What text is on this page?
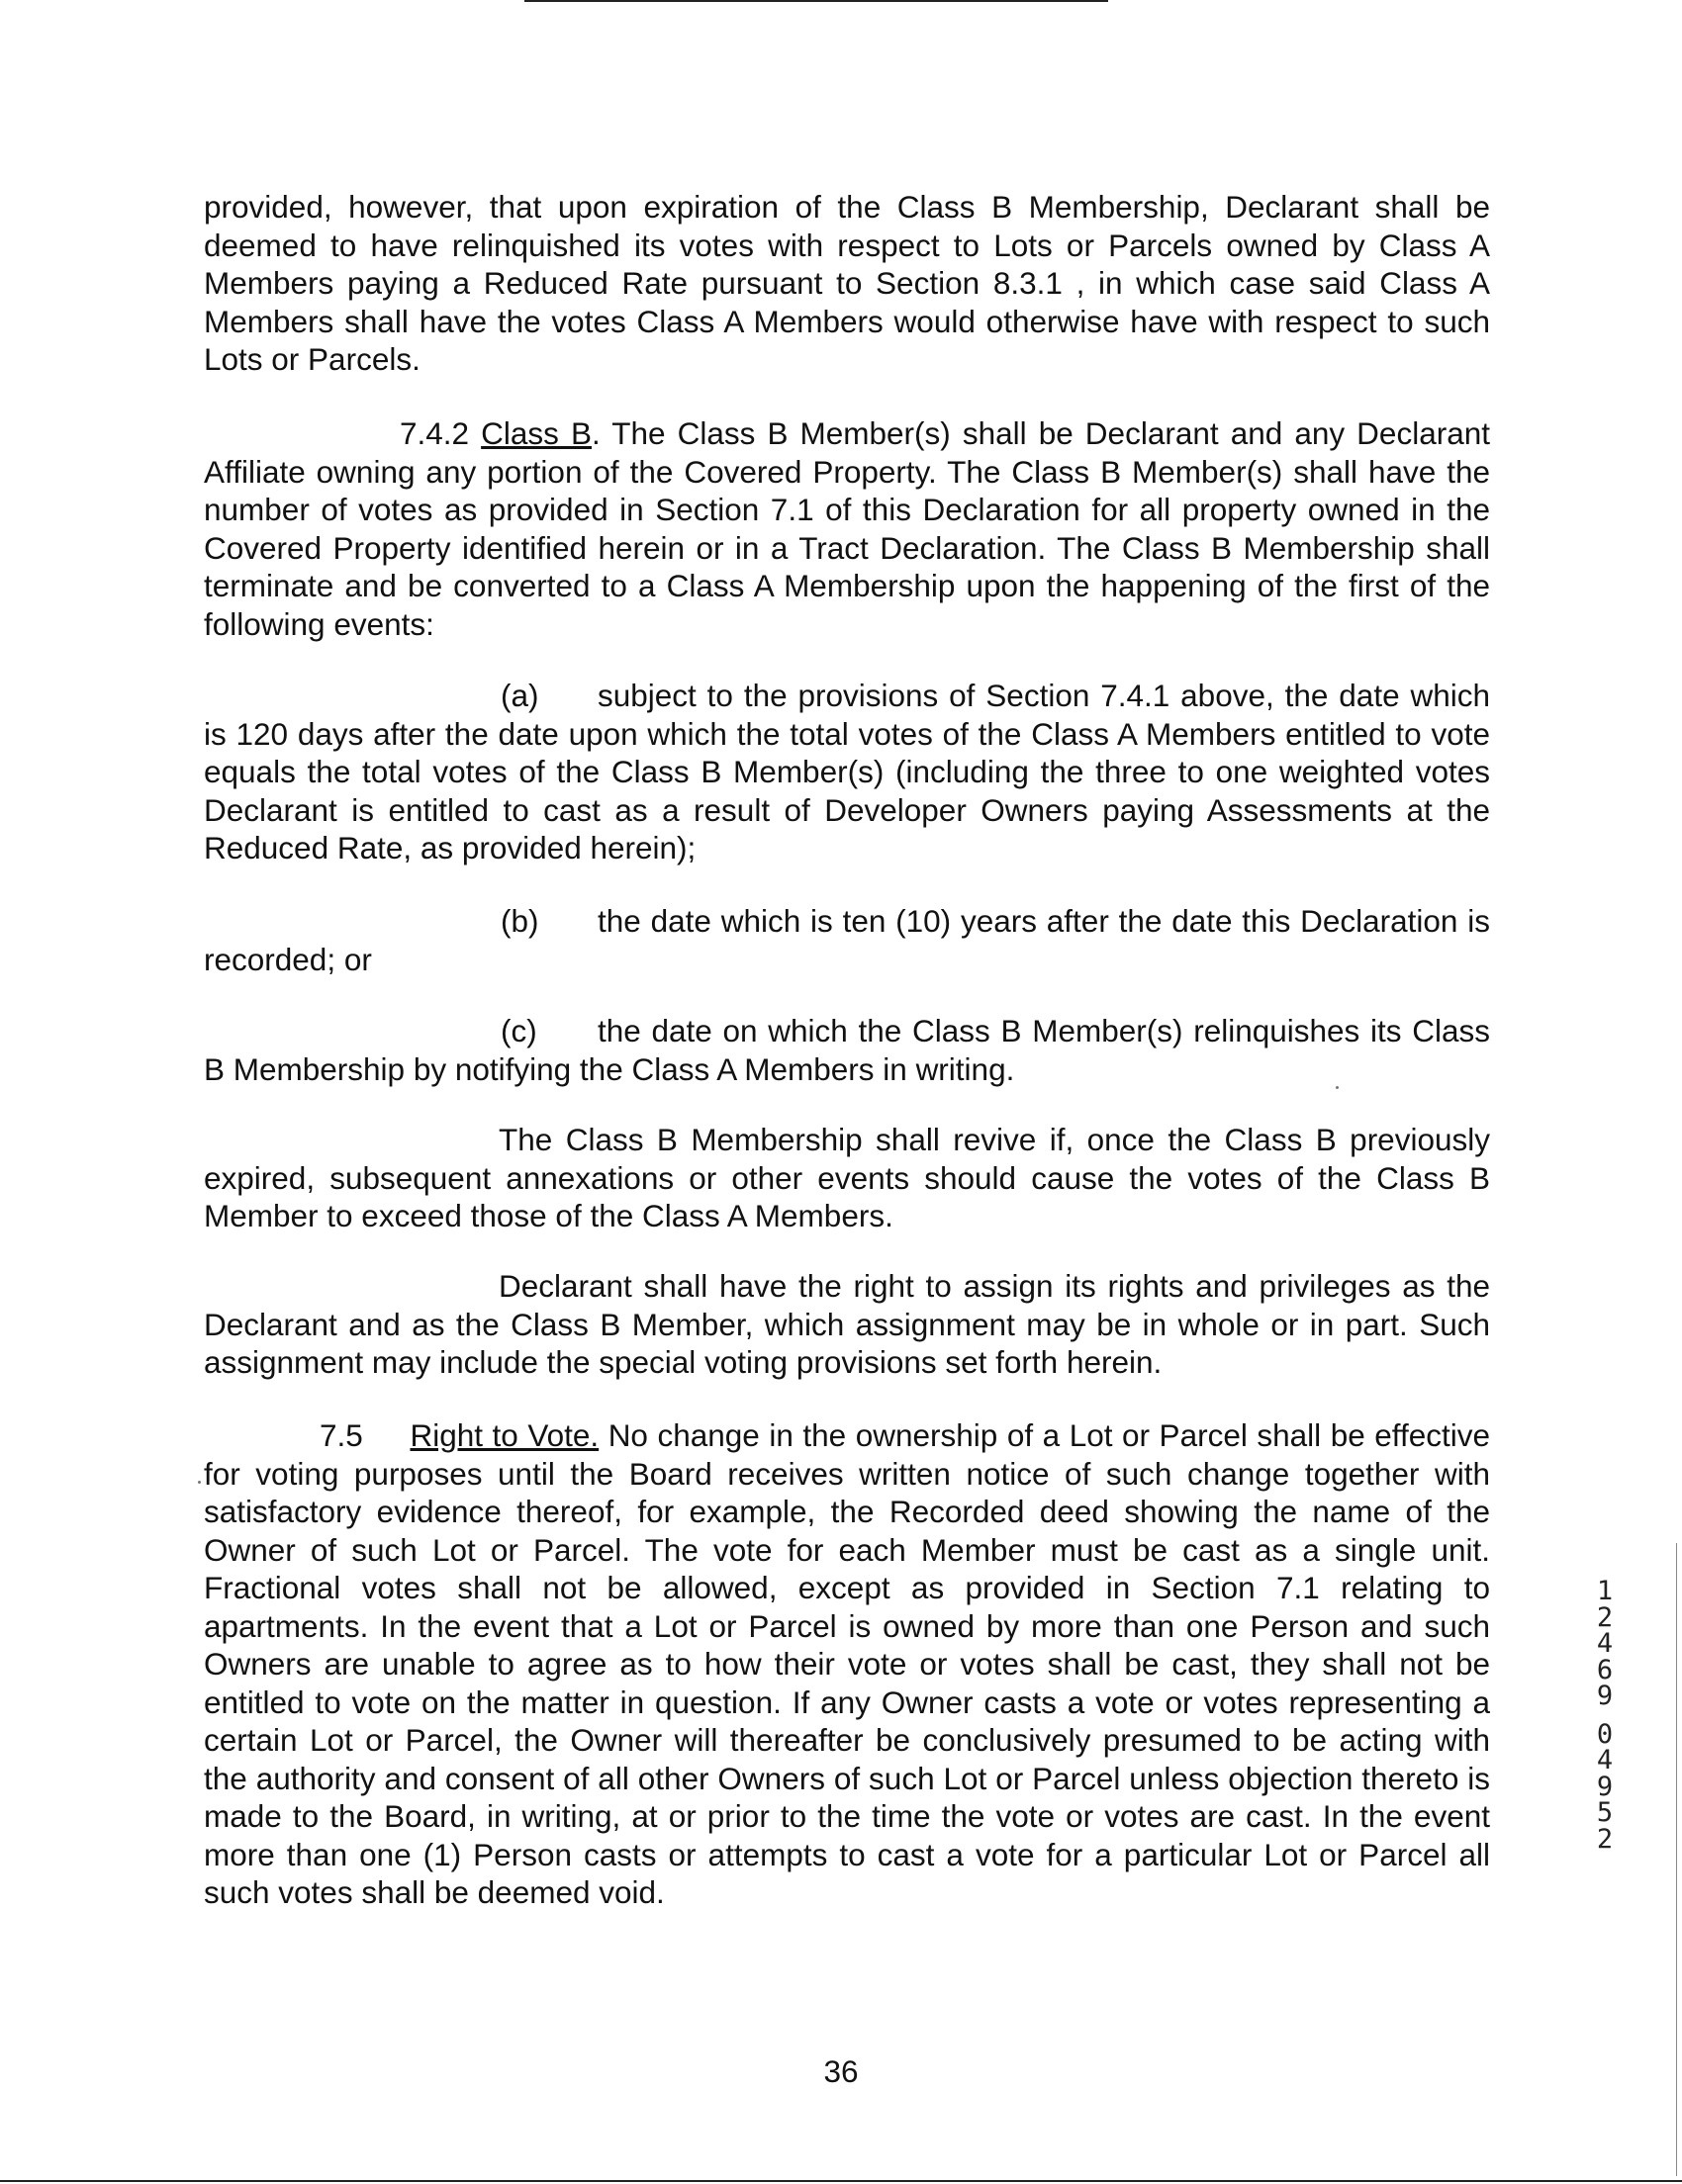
provided, however, that upon expiration of the Class B Membership, Declarant shall be deemed to have relinquished its votes with respect to Lots or Parcels owned by Class A Members paying a Reduced Rate pursuant to Section 8.3.1 , in which case said Class A Members shall have the votes Class A Members would otherwise have with respect to such Lots or Parcels.

7.4.2 Class B. The Class B Member(s) shall be Declarant and any Declarant Affiliate owning any portion of the Covered Property. The Class B Member(s) shall have the number of votes as provided in Section 7.1 of this Declaration for all property owned in the Covered Property identified herein or in a Tract Declaration. The Class B Membership shall terminate and be converted to a Class A Membership upon the happening of the first of the following events:

(a) subject to the provisions of Section 7.4.1 above, the date which is 120 days after the date upon which the total votes of the Class A Members entitled to vote equals the total votes of the Class B Member(s) (including the three to one weighted votes Declarant is entitled to cast as a result of Developer Owners paying Assessments at the Reduced Rate, as provided herein);

(b) the date which is ten (10) years after the date this Declaration is recorded; or

(c) the date on which the Class B Member(s) relinquishes its Class B Membership by notifying the Class A Members in writing.

The Class B Membership shall revive if, once the Class B previously expired, subsequent annexations or other events should cause the votes of the Class B Member to exceed those of the Class A Members.

Declarant shall have the right to assign its rights and privileges as the Declarant and as the Class B Member, which assignment may be in whole or in part. Such assignment may include the special voting provisions set forth herein.

7.5 Right to Vote. No change in the ownership of a Lot or Parcel shall be effective for voting purposes until the Board receives written notice of such change together with satisfactory evidence thereof, for example, the Recorded deed showing the name of the Owner of such Lot or Parcel. The vote for each Member must be cast as a single unit. Fractional votes shall not be allowed, except as provided in Section 7.1 relating to apartments. In the event that a Lot or Parcel is owned by more than one Person and such Owners are unable to agree as to how their vote or votes shall be cast, they shall not be entitled to vote on the matter in question. If any Owner casts a vote or votes representing a certain Lot or Parcel, the Owner will thereafter be conclusively presumed to be acting with the authority and consent of all other Owners of such Lot or Parcel unless objection thereto is made to the Board, in writing, at or prior to the time the vote or votes are cast. In the event more than one (1) Person casts or attempts to cast a vote for a particular Lot or Parcel all such votes shall be deemed void.

36

1
2
4
6
9

0
4
9
5
2
